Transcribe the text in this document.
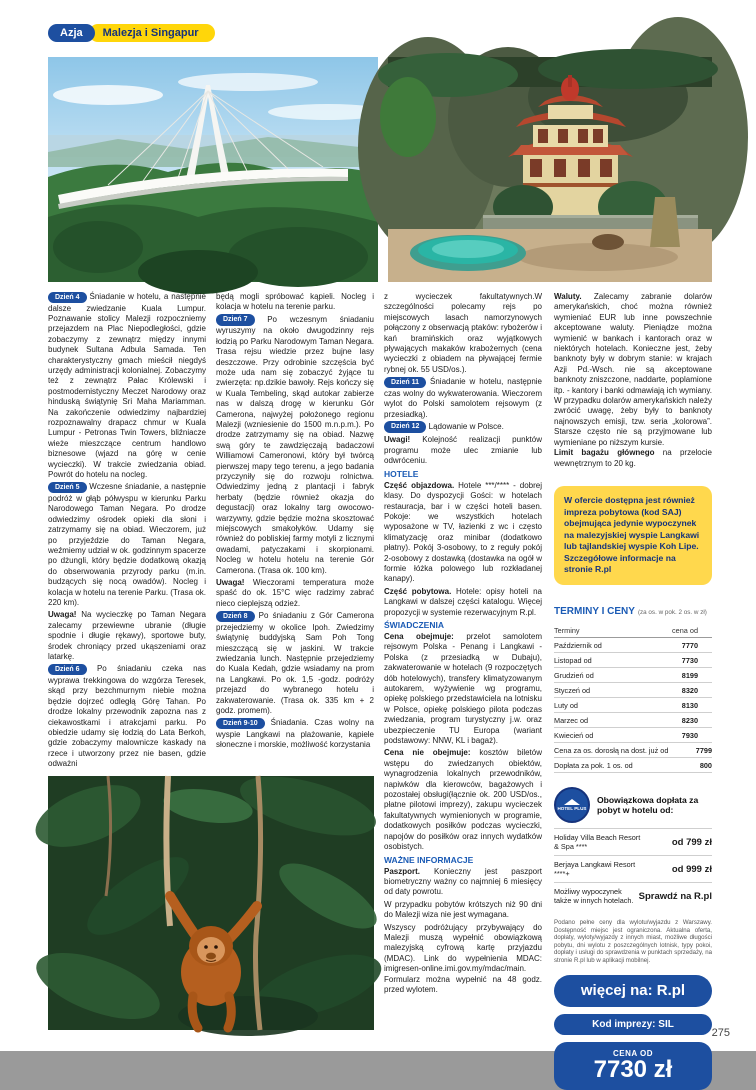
Azja	Malezja i Singapur

Dzień 4 Śniadanie w hotelu, a następnie dalsze zwiedzanie Kuala Lumpur. Poznawanie stolicy Malezji rozpoczniemy przejazdem na Plac Niepodległości, gdzie zobaczymy z zewnątrz między innymi budynek Sultana Adbula Samada. Ten charakterystyczny gmach mieścił niegdyś urzędy administracji kolonialnej. Zobaczymy też z zewnątrz Pałac Królewski i postmodernistyczny Meczet Narodowy oraz hinduską świątynię Sri Maha Mariamman. Na zakończenie odwiedzimy najbardziej rozpoznawalny drapacz chmur w Kuala Lumpur - Petronas Twin Towers, bliźniacze wieże mieszczące centrum handlowo biznesowe (wjazd na górę w cenie wycieczki). W trakcie zwiedzania obiad. Powrót do hotelu na nocleg.

Dzień 5 Wczesne śniadanie, a następnie podróż w głąb półwyspu w kierunku Parku Narodowego Taman Negara. Po drodze odwiedzimy ośrodek opieki dla słoni i zatrzymamy się na obiad. Wieczorem, już po przyjeździe do Taman Negara, weźmiemy udział w ok. godzinnym spacerze po dżungli, który będzie dodatkową okazją do obserwowania przyrody parku (m.in. budzących się nocą owadów). Nocleg i kolacja w hotelu na terenie Parku. (Trasa ok. 220 km).

Uwaga! Na wycieczkę po Taman Negara zalecamy przewiewne ubranie (długie spodnie i długie rękawy), sportowe buty, środek chroniący przed ukąszeniami oraz latarkę.

Dzień 6 Po śniadaniu czeka nas wyprawa trekkingowa do wzgórza Teresek, skąd przy bezchmurnym niebie można będzie dojrzeć odległą Górę Tahan. Po drodze lokalny przewodnik zapozna nas z ciekawostkami i atrakcjami parku. Po obiedzie udamy się łodzią do Lata Berkoh, gdzie zobaczymy malownicze kaskady na rzece i utworzony przez nie basen, gdzie odważni

będą mogli spróbować kąpieli. Nocleg i kolacja w hotelu na terenie parku.

Dzień 7 Po wczesnym śniadaniu wyruszymy na około dwugodzinny rejs łodzią po Parku Narodowym Taman Negara. Trasa rejsu wiedzie przez bujne lasy deszczowe. Przy odrobinie szczęścia być może uda nam się zobaczyć żyjące tu zwierzęta: np.dzikie bawoły. Rejs kończy się w Kuala Tembeling, skąd autokar zabierze nas w dalszą drogę w kierunku Gór Camerona, najwyżej położonego regionu Malezji (wzniesienie do 1500 m.n.p.m.). Po drodze zatrzymamy się na obiad. Nazwę swą góry te zawdzięczają badaczowi Williamowi Cameronowi, który był twórcą pierwszej mapy tego terenu, a jego badania przyczyniły się do rozwoju rolnictwa. Odwiedzimy jedną z plantacji i fabryk herbaty (będzie również okazja do degustacji) oraz lokalny targ owocowo-warzywny, gdzie będzie można skosztować miejscowych smakołyków. Udamy się również do pobliskiej farmy motyli z licznymi owadami, patyczakami i skorpionami. Nocleg w hotelu hotelu na terenie Gór Camerona. (Trasa ok. 100 km).

Uwaga! Wieczorami temperatura może spaść do ok. 15°C więc radzimy zabrać nieco cieplejszą odzież.

Dzień 8 Po śniadaniu z Gór Camerona przejedziemy w okolice Ipoh. Zwiedzimy świątynię buddyjską Sam Poh Tong mieszczącą się w jaskini. W trakcie zwiedzania lunch. Następnie przejedziemy do Kuala Kedah, gdzie wsiadamy na prom na Langkawi. Po ok. 1,5 -godz. podróży przejazd do wybranego hotelu i zakwaterowanie. (Trasa ok. 335 km + 2 godz. promem).

Dzień 9-10 Śniadania. Czas wolny na wyspie Langkawi na plażowanie, kąpiele słoneczne i morskie, możliwość korzystania

z wycieczek fakultatywnych.W szczególności polecamy rejs po miejscowych lasach namorzynowych połączony z obserwacją ptaków: rybożerów i kań bramińskich oraz wyjątkowych pływających makaków krabożernych (cena wycieczki z obiadem na pływającej fermie rybnej ok. 55 USD/os.).

Dzień 11 Śniadanie w hotelu, następnie czas wolny do wykwaterowania. Wieczorem wylot do Polski samolotem rejsowym (z przesiadką).

Dzień 12 Lądowanie w Polsce.

Uwagi! Kolejność realizacji punktów programu może ulec zmianie lub odwróceniu.

HOTELE

Część objazdowa. Hotele ***/**** - dobrej klasy. Do dyspozycji Gości: w hotelach restauracja, bar i w części hoteli basen. Pokoje: we wszystkich hotelach wyposażone w TV, łazienki z wc i często klimatyzację oraz minibar (dodatkowo płatny). Pokój 3-osobowy, to z reguły pokój 2-osobowy z dostawką (dostawka na ogół w formie łóżka polowego lub rozkładanej kanapy).

Część pobytowa. Hotele: opisy hoteli na Langkawi w dalszej części katalogu. Więcej propozycji w systemie rezerwacyjnym R.pl.

ŚWIADCZENIA

Cena obejmuje: przelot samolotem rejsowym Polska - Penang i Langkawi - Polska (z przesiadką w Dubaju), zakwaterowanie w hotelach (9 rozpoczętych dób hotelowych), transfery klimatyzowanym autokarem, wyżywienie wg programu, opiekę polskiego przedstawiciela na lotnisku w Polsce, opiekę polskiego pilota podczas zwiedzania, program turystyczny j.w. oraz ubezpieczenie TU Europa (wariant podstawowy: NNW, KL i bagaż).

Cena nie obejmuje: kosztów biletów wstępu do zwiedzanych obiektów, wynagrodzenia lokalnych przewodników, napiwków dla kierowców, bagażowych i pozostałej obsługi(łącznie ok. 200 USD/os., płatne pilotowi imprezy), zakupu wycieczek fakultatywnych wymienionych w programie, dodatkowych posiłków podczas wycieczki, napojów do posiłków oraz innych wydatków osobistych.

WAŻNE INFORMACJE

Paszport. Konieczny jest paszport biometryczny ważny co najmniej 6 miesięcy od daty powrotu.

W przypadku pobytów krótszych niż 90 dni do Malezji wiza nie jest wymagana.

Wszyscy podróżujący przybywający do Malezji muszą wypełnić obowiązkową malezyjską cyfrową kartę przyjazdu (MDAC). Link do wypełnienia MDAC: imigresen-online.imi.gov.my/mdac/main. Formularz można wypełnić na 48 godz. przed wylotem.

Waluty. Zalecamy zabranie dolarów amerykańskich, choć można również wymieniać EUR lub inne powszechnie akceptowane waluty. Pieniądze można wymienić w bankach i kantorach oraz w niektórych hotelach. Konieczne jest, żeby banknoty były w dobrym stanie: w krajach Azji Pd.-Wsch. nie są akceptowane banknoty zniszczone, naddarte, poplamione itp. - kantory i banki odmawiają ich wymiany. W przypadku dolarów amerykańskich należy zwrócić uwagę, żeby były to banknoty najnowszych emisji, tzw. seria „kolorowa”. Starsze często nie są przyjmowane lub wymieniane po niższym kursie.

Limit bagażu głównego na przelocie wewnętrznym to 20 kg.

W ofercie dostępna jest również impreza pobytowa (kod SAJ) obejmująca jedynie wypoczynek na malezyjskiej wyspie Langkawi lub tajlandskiej wyspie Koh Lipe. Szczegółowe informacje na stronie R.pl

TERMINY I CENY (za os. w pok. 2 os. w zł)
Terminy	cena od
Październik od	7770
Listopad od	7730
Grudzień od	8199
Styczeń od	8320
Luty od	8130
Marzec od	8230
Kwiecień od	7930
Cena za os. dorosłą na dost. już od	7799
Dopłata za pok. 1 os. od	800
HOTEL PLUS
Obowiązkowa dopłata za pobyt w hotelu od:
Holiday Villa Beach Resort & Spa ****	od 799 zł
Berjaya Langkawi Resort ****+	od 999 zł
Możliwy wypoczynek także w innych hotelach. Sprawdź na R.pl
Podano pełne ceny dla wylotu/wyjazdu z Warszawy. Dostępność miejsc jest ograniczona. Aktualna oferta, dopłaty, wyloty/wyjazdy z innych miast, możliwe długości pobytu, dni wylotu z poszczególnych lotnisk, typy pokoi, dopłaty i usługi do sprawdzenia w punktach sprzedaży, na stronie R.pl lub w aplikacji mobilnej.
więcej na: R.pl
Kod imprezy: SIL
CENA OD
7730 zł
275
